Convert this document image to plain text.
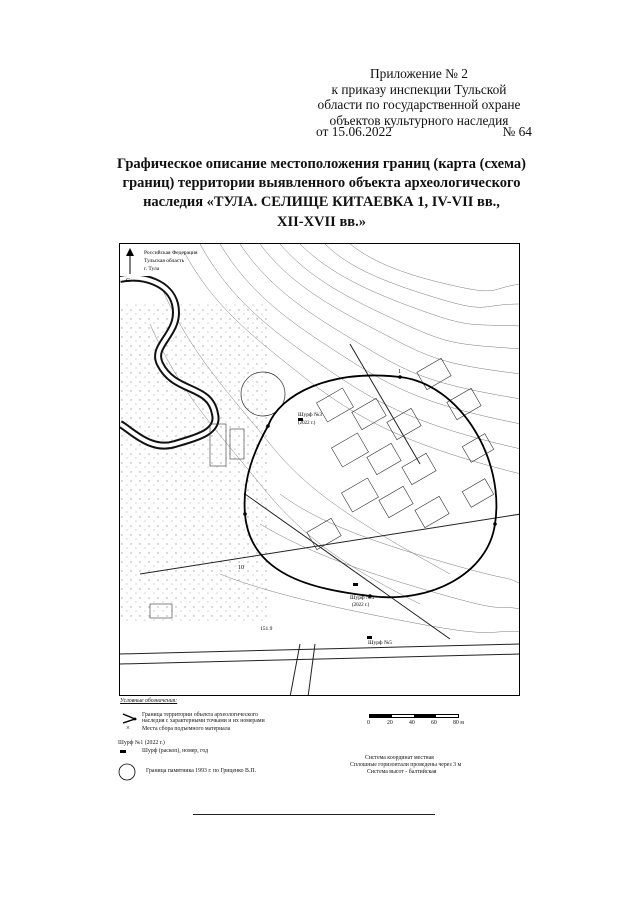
Приложение № 2
к приказу инспекции Тульской
области по государственной охране
объектов культурного наследия
от 15.06.2022	№ 64
Графическое описание местоположения границ (карта (схема)
границ) территории выявленного объекта археологического
наследия «ТУЛА. СЕЛИЩЕ КИТАЕВКА 1, IV-VII вв.,
XII-XVII вв.»
Шурф №3
(2022 г.)
Шурф №4
(2022 г.)
Шурф №5
151.9
1
10
Российская Федерация
Тульская область
г. Тула
С
Условные обозначения:
Граница территории объекта археологического
наследия с характерными точками и их номерами
× Места сбора подъемного материала
Шурф №1 (2022 г.)
Шурф (раскоп), номер, год
Граница памятника 1993 г. по Гриценко В.П.
0	20	40	60	80 м
Система координат местная
Сплошные горизонтали проведены через 3 м
Система высот - балтийская
